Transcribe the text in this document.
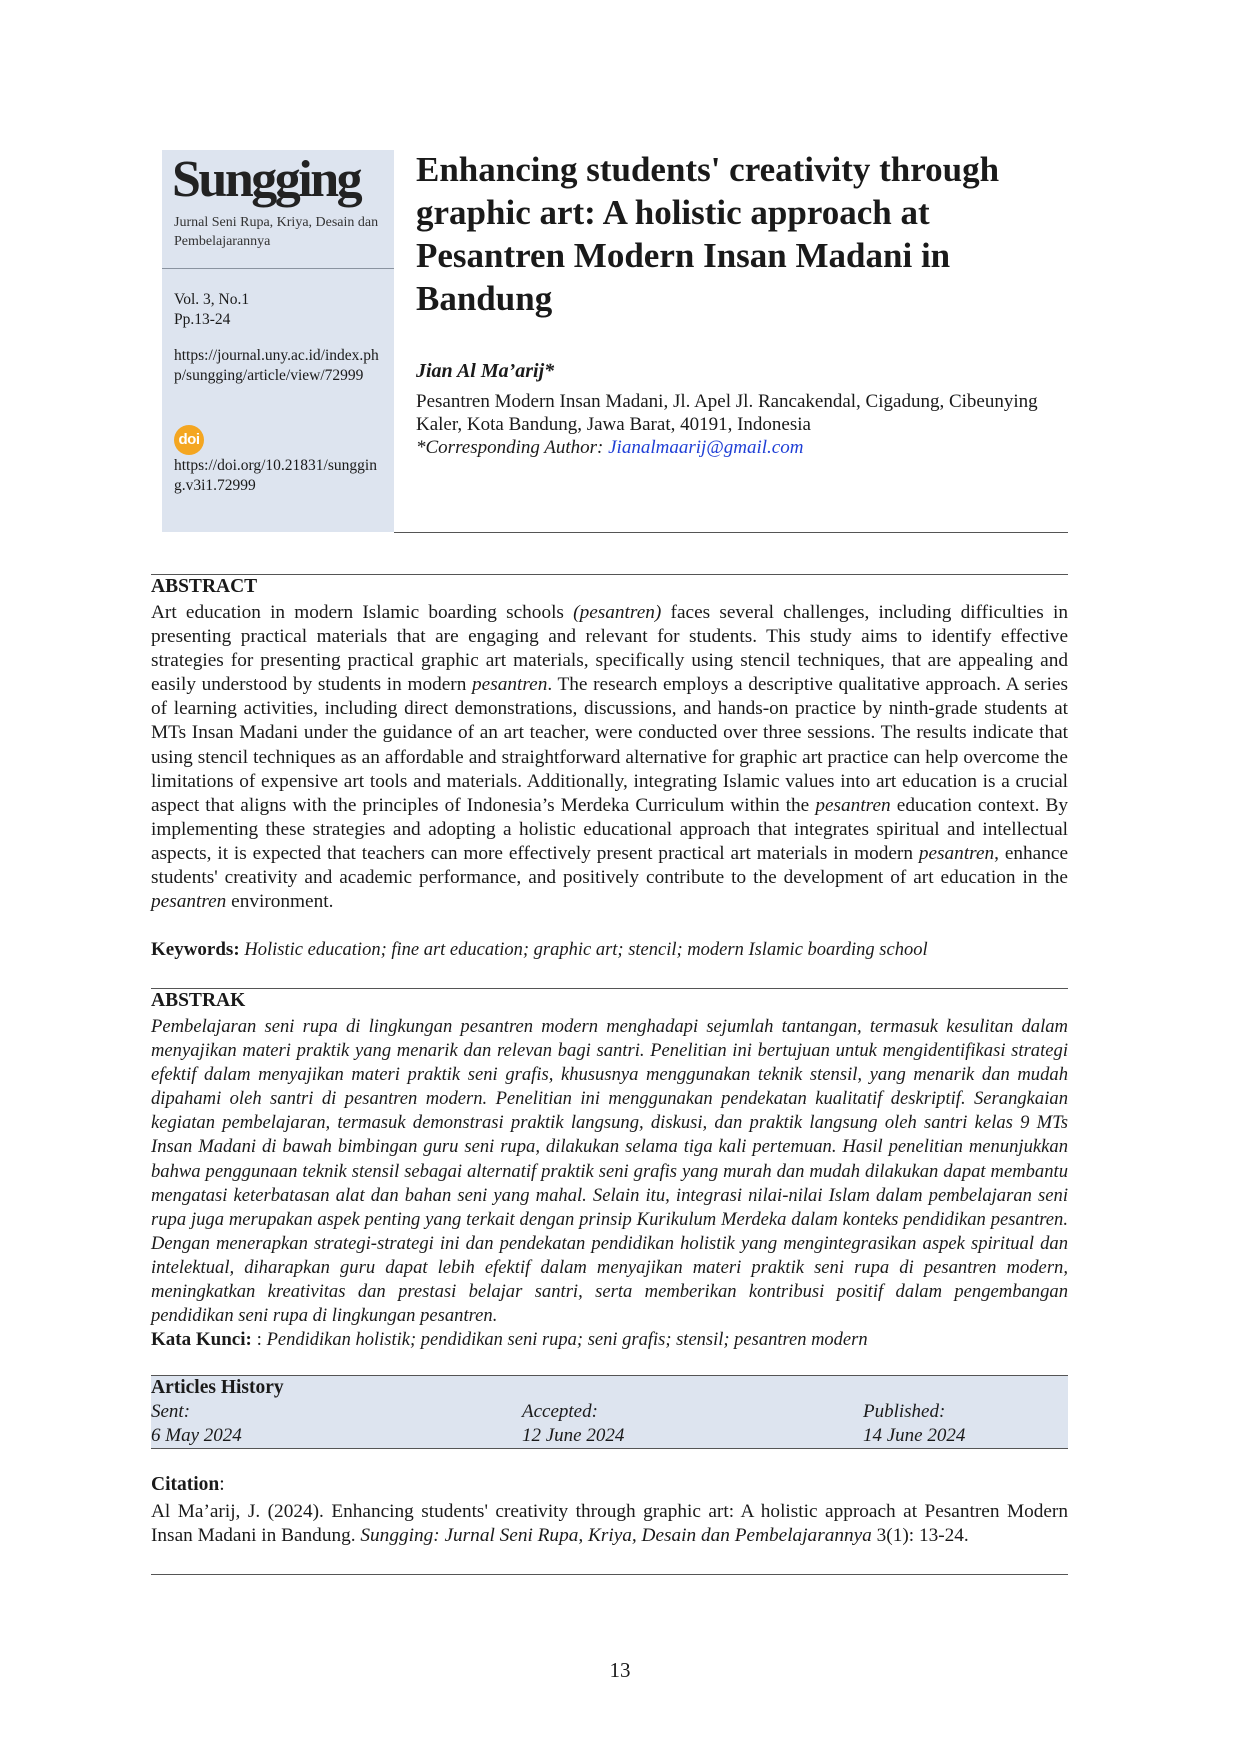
Sungging
Jurnal Seni Rupa, Kriya, Desain dan Pembelajarannya
Vol. 3, No.1
Pp.13-24
https://journal.uny.ac.id/index.php/sungging/article/view/72999
doi
https://doi.org/10.21831/sungging.v3i1.72999
Enhancing students' creativity through graphic art: A holistic approach at Pesantren Modern Insan Madani in Bandung
Jian Al Ma’arij*
Pesantren Modern Insan Madani, Jl. Apel Jl. Rancakendal, Cigadung, Cibeunying Kaler, Kota Bandung, Jawa Barat, 40191, Indonesia
*Corresponding Author: Jianalmaarij@gmail.com
ABSTRACT

Art education in modern Islamic boarding schools (pesantren) faces several challenges, including difficulties in presenting practical materials that are engaging and relevant for students. This study aims to identify effective strategies for presenting practical graphic art materials, specifically using stencil techniques, that are appealing and easily understood by students in modern pesantren. The research employs a descriptive qualitative approach. A series of learning activities, including direct demonstrations, discussions, and hands-on practice by ninth-grade students at MTs Insan Madani under the guidance of an art teacher, were conducted over three sessions. The results indicate that using stencil techniques as an affordable and straightforward alternative for graphic art practice can help overcome the limitations of expensive art tools and materials. Additionally, integrating Islamic values into art education is a crucial aspect that aligns with the principles of Indonesia’s Merdeka Curriculum within the pesantren education context. By implementing these strategies and adopting a holistic educational approach that integrates spiritual and intellectual aspects, it is expected that teachers can more effectively present practical art materials in modern pesantren, enhance students' creativity and academic performance, and positively contribute to the development of art education in the pesantren environment.

Keywords: Holistic education; fine art education; graphic art; stencil; modern Islamic boarding school
ABSTRAK

Pembelajaran seni rupa di lingkungan pesantren modern menghadapi sejumlah tantangan, termasuk kesulitan dalam menyajikan materi praktik yang menarik dan relevan bagi santri. Penelitian ini bertujuan untuk mengidentifikasi strategi efektif dalam menyajikan materi praktik seni grafis, khususnya menggunakan teknik stensil, yang menarik dan mudah dipahami oleh santri di pesantren modern. Penelitian ini menggunakan pendekatan kualitatif deskriptif. Serangkaian kegiatan pembelajaran, termasuk demonstrasi praktik langsung, diskusi, dan praktik langsung oleh santri kelas 9 MTs Insan Madani di bawah bimbingan guru seni rupa, dilakukan selama tiga kali pertemuan. Hasil penelitian menunjukkan bahwa penggunaan teknik stensil sebagai alternatif praktik seni grafis yang murah dan mudah dilakukan dapat membantu mengatasi keterbatasan alat dan bahan seni yang mahal. Selain itu, integrasi nilai-nilai Islam dalam pembelajaran seni rupa juga merupakan aspek penting yang terkait dengan prinsip Kurikulum Merdeka dalam konteks pendidikan pesantren. Dengan menerapkan strategi-strategi ini dan pendekatan pendidikan holistik yang mengintegrasikan aspek spiritual dan intelektual, diharapkan guru dapat lebih efektif dalam menyajikan materi praktik seni rupa di pesantren modern, meningkatkan kreativitas dan prestasi belajar santri, serta memberikan kontribusi positif dalam pengembangan pendidikan seni rupa di lingkungan pesantren.

Kata Kunci: : Pendidikan holistik; pendidikan seni rupa; seni grafis; stensil; pesantren modern
Articles History
Sent:
6 May 2024
Accepted:
12 June 2024
Published:
14 June 2024
Citation:

Al Ma’arij, J. (2024). Enhancing students' creativity through graphic art: A holistic approach at Pesantren Modern Insan Madani in Bandung. Sungging: Jurnal Seni Rupa, Kriya, Desain dan Pembelajarannya 3(1): 13-24.

13
